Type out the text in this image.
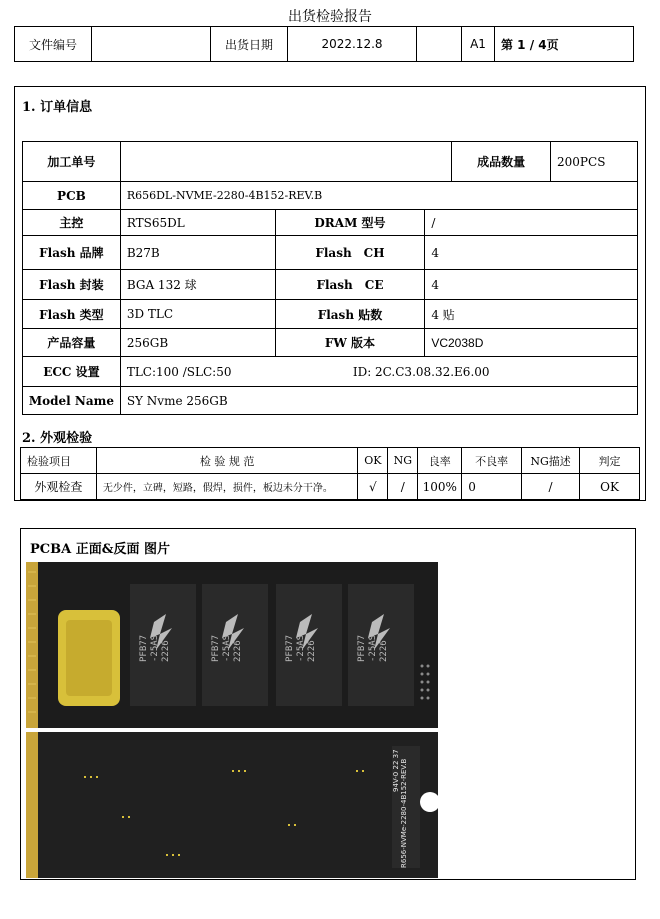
出货检验报告
文件编号		出货日期	2022.12.8		A1	第 1 / 4页
1. 订单信息
加工单号				成品数量	200PCS
PCB	R656DL-NVME-2280-4B152-REV.B				
主控	RTS65DL	DRAM 型号	/		
Flash 品牌	B27B	Flash　CH	4		
Flash 封装	BGA 132 球	Flash　CE	4		
Flash 类型	3D TLC	Flash 贴数	4 贴		
产品容量	256GB	FW 版本	VC2038D		
ECC 设置	TLC:100 /SLC:50 ID: 2C.C3.08.32.E6.00				
Model Name	SY Nvme 256GB				
2. 外观检验
检验项目	检 验 规 范	OK	NG	良率	不良率	NG描述	判定
外观检查	无少件，立碑，短路，假焊，损件，板边未分干净。	√	/	100%	0	/	OK
PCBA 正面&反面 图片
PFB77-25AS2226	PFB77-25AS2226	PFB77-25AS2226	PFB77-25AS2226
R656-NVMe-2280-4B152-REV.B
94V-0 22 37
